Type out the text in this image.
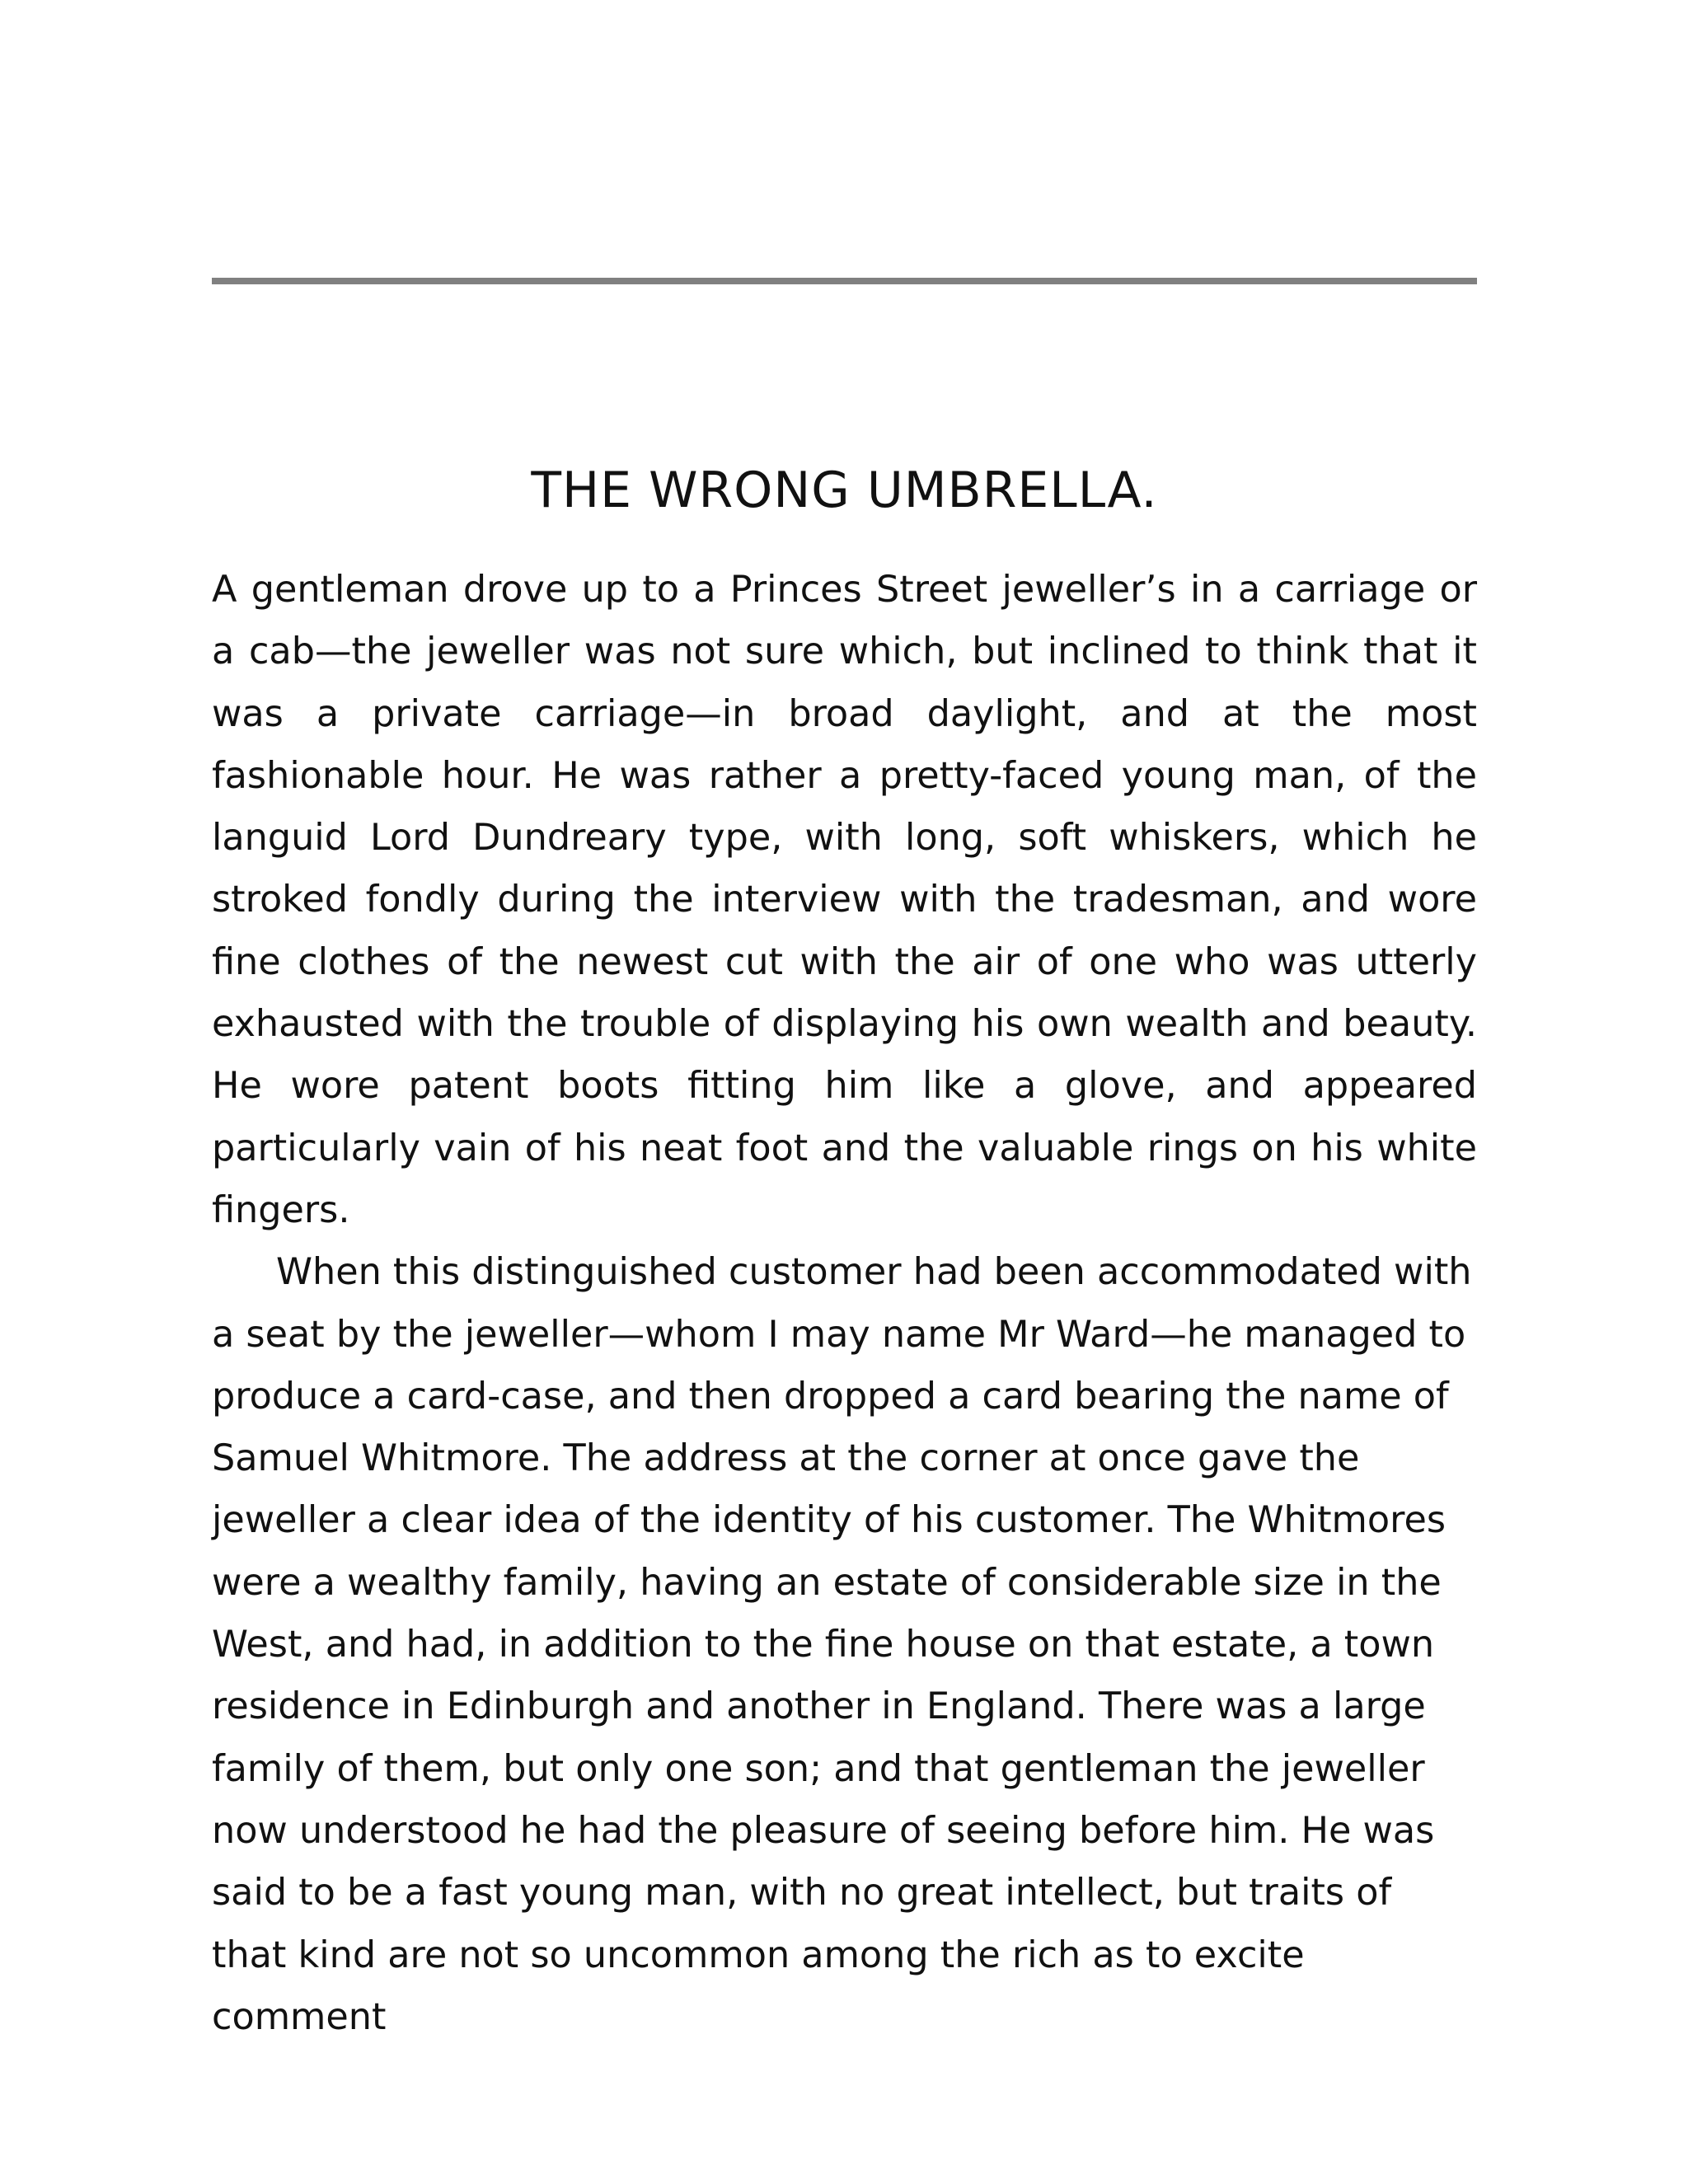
THE WRONG UMBRELLA.

A gentleman drove up to a Princes Street jeweller’s in a carriage or a cab—the jeweller was not sure which, but inclined to think that it was a private carriage—in broad daylight, and at the most fashionable hour. He was rather a pretty-faced young man, of the languid Lord Dundreary type, with long, soft whiskers, which he stroked fondly during the interview with the tradesman, and wore fine clothes of the newest cut with the air of one who was utterly exhausted with the trouble of displaying his own wealth and beauty. He wore patent boots fitting him like a glove, and appeared particularly vain of his neat foot and the valuable rings on his white fingers.

When this distinguished customer had been accommodated with a seat by the jeweller—whom I may name Mr Ward—he managed to produce a card-case, and then dropped a card bearing the name of Samuel Whitmore. The address at the corner at once gave the jeweller a clear idea of the identity of his customer. The Whitmores were a wealthy family, having an estate of considerable size in the West, and had, in addition to the fine house on that estate, a town residence in Edinburgh and another in England. There was a large family of them, but only one son; and that gentleman the jeweller now understood he had the pleasure of seeing before him. He was said to be a fast young man, with no great intellect, but traits of that kind are not so uncommon among the rich as to excite comment
